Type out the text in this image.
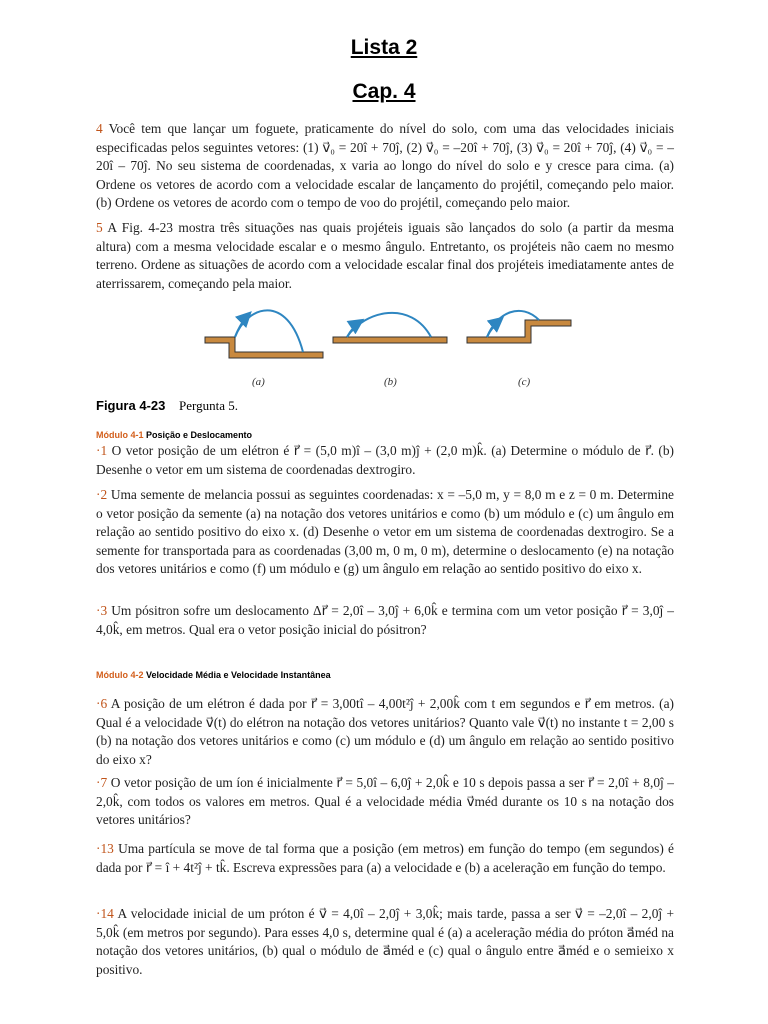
Lista 2
Cap. 4
4 Você tem que lançar um foguete, praticamente do nível do solo, com uma das velocidades iniciais especificadas pelos seguintes vetores: (1) v⃗₀ = 20î + 70ĵ, (2) v⃗₀ = –20î + 70ĵ, (3) v⃗₀ = 20î + 70ĵ, (4) v⃗₀ = –20î – 70ĵ. No seu sistema de coordenadas, x varia ao longo do nível do solo e y cresce para cima. (a) Ordene os vetores de acordo com a velocidade escalar de lançamento do projétil, começando pelo maior. (b) Ordene os vetores de acordo com o tempo de voo do projétil, começando pelo maior.
5 A Fig. 4-23 mostra três situações nas quais projéteis iguais são lançados do solo (a partir da mesma altura) com a mesma velocidade escalar e o mesmo ângulo. Entretanto, os projéteis não caem no mesmo terreno. Ordene as situações de acordo com a velocidade escalar final dos projéteis imediatamente antes de aterrissarem, começando pela maior.
(a)	(b)	(c)
Figura 4-23 Pergunta 5.
Módulo 4-1 Posição e Deslocamento
·1 O vetor posição de um elétron é r⃗ = (5,0 m)î – (3,0 m)ĵ + (2,0 m)k̂. (a) Determine o módulo de r⃗. (b) Desenhe o vetor em um sistema de coordenadas dextrogiro.
·2 Uma semente de melancia possui as seguintes coordenadas: x = –5,0 m, y = 8,0 m e z = 0 m. Determine o vetor posição da semente (a) na notação dos vetores unitários e como (b) um módulo e (c) um ângulo em relação ao sentido positivo do eixo x. (d) Desenhe o vetor em um sistema de coordenadas dextrogiro. Se a semente for transportada para as coordenadas (3,00 m, 0 m, 0 m), determine o deslocamento (e) na notação dos vetores unitários e como (f) um módulo e (g) um ângulo em relação ao sentido positivo do eixo x.
·3 Um pósitron sofre um deslocamento Δr⃗ = 2,0î – 3,0ĵ + 6,0k̂ e termina com um vetor posição r⃗ = 3,0ĵ – 4,0k̂, em metros. Qual era o vetor posição inicial do pósitron?
Módulo 4-2 Velocidade Média e Velocidade Instantânea
·6 A posição de um elétron é dada por r⃗ = 3,00tî – 4,00t²ĵ + 2,00k̂ com t em segundos e r⃗ em metros. (a) Qual é a velocidade v⃗(t) do elétron na notação dos vetores unitários? Quanto vale v⃗(t) no instante t = 2,00 s (b) na notação dos vetores unitários e como (c) um módulo e (d) um ângulo em relação ao sentido positivo do eixo x?
·7 O vetor posição de um íon é inicialmente r⃗ = 5,0î – 6,0ĵ + 2,0k̂ e 10 s depois passa a ser r⃗ = 2,0î + 8,0ĵ – 2,0k̂, com todos os valores em metros. Qual é a velocidade média v⃗méd durante os 10 s na notação dos vetores unitários?
·13 Uma partícula se move de tal forma que a posição (em metros) em função do tempo (em segundos) é dada por r⃗ = î + 4t²ĵ + tk̂. Escreva expressões para (a) a velocidade e (b) a aceleração em função do tempo.
·14 A velocidade inicial de um próton é v⃗ = 4,0î – 2,0ĵ + 3,0k̂; mais tarde, passa a ser v⃗ = –2,0î – 2,0ĵ + 5,0k̂ (em metros por segundo). Para esses 4,0 s, determine qual é (a) a aceleração média do próton a⃗méd na notação dos vetores unitários, (b) qual o módulo de a⃗méd e (c) qual o ângulo entre a⃗méd e o semieixo x positivo.
